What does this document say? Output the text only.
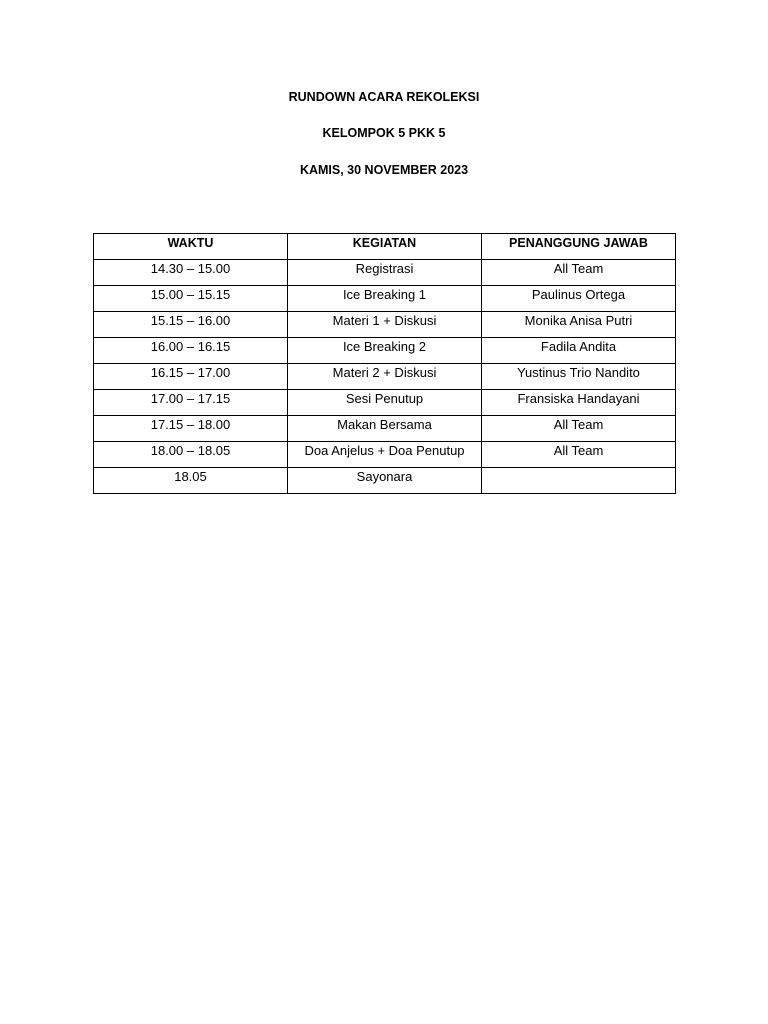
RUNDOWN ACARA REKOLEKSI
KELOMPOK 5 PKK 5
KAMIS, 30 NOVEMBER 2023
WAKTU	KEGIATAN	PENANGGUNG JAWAB
14.30 – 15.00	Registrasi	All Team
15.00 – 15.15	Ice Breaking 1	Paulinus Ortega
15.15 – 16.00	Materi 1 + Diskusi	Monika Anisa Putri
16.00 – 16.15	Ice Breaking 2	Fadila Andita
16.15 – 17.00	Materi 2 + Diskusi	Yustinus Trio Nandito
17.00 – 17.15	Sesi Penutup	Fransiska Handayani
17.15 – 18.00	Makan Bersama	All Team
18.00 – 18.05	Doa Anjelus + Doa Penutup	All Team
18.05	Sayonara	
